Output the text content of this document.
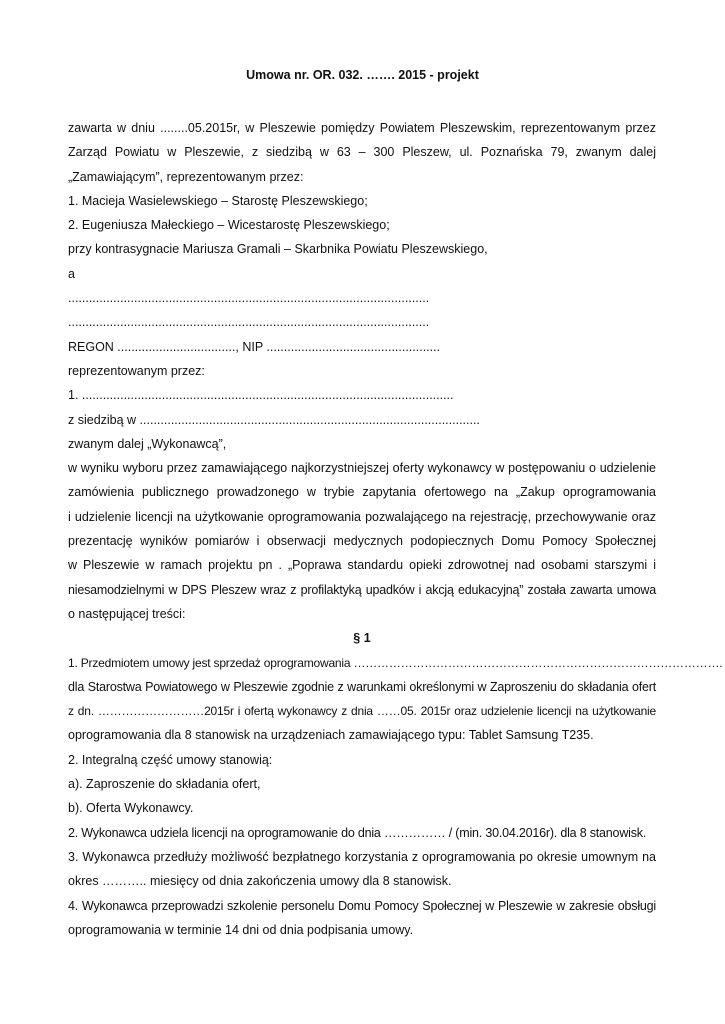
Umowa nr. OR. 032. ……. 2015 - projekt

zawarta w dniu ........05.2015r, w Pleszewie pomiędzy Powiatem Pleszewskim, reprezentowanym przez

Zarząd Powiatu w Pleszewie, z siedzibą w 63 – 300 Pleszew, ul. Poznańska 79, zwanym dalej

„Zamawiającym”, reprezentowanym przez:

1. Macieja Wasielewskiego – Starostę Pleszewskiego;

2. Eugeniusza Małeckiego – Wicestarostę Pleszewskiego;

przy kontrasygnacie Mariusza Gramali – Skarbnika Powiatu Pleszewskiego,

a

........................................................................................................

........................................................................................................

REGON .................................., NIP ..................................................

reprezentowanym przez:

1. ...........................................................................................................

z siedzibą w ..................................................................................................

zwanym dalej „Wykonawcą”,

w wyniku wyboru przez zamawiającego najkorzystniejszej oferty wykonawcy w postępowaniu o udzielenie

zamówienia publicznego prowadzonego w trybie zapytania ofertowego na „Zakup oprogramowania

i udzielenie licencji na użytkowanie oprogramowania pozwalającego na rejestrację, przechowywanie oraz

prezentację wyników pomiarów i obserwacji medycznych podopiecznych Domu Pomocy Społecznej

w Pleszewie w ramach projektu pn . „Poprawa standardu opieki zdrowotnej nad osobami starszymi i

niesamodzielnymi w DPS Pleszew wraz z profilaktyką upadków i akcją edukacyjną” została zawarta umowa

o następującej treści:

§ 1

1. Przedmiotem umowy jest sprzedaż oprogramowania ………………………………………………………………………………….

dla Starostwa Powiatowego w Pleszewie zgodnie z warunkami określonymi w Zaproszeniu do składania ofert

z dn. ………………………2015r i ofertą wykonawcy z dnia ……05. 2015r oraz udzielenie licencji na użytkowanie

oprogramowania dla 8 stanowisk na urządzeniach zamawiającego typu: Tablet Samsung T235.

2. Integralną część umowy stanowią:

a). Zaproszenie do składania ofert,

b). Oferta Wykonawcy.

2. Wykonawca udziela licencji na oprogramowanie do dnia …………… / (min. 30.04.2016r). dla 8 stanowisk.

3. Wykonawca przedłuży możliwość bezpłatnego korzystania z oprogramowania po okresie umownym na

okres ……….. miesięcy od dnia zakończenia umowy dla 8 stanowisk.

4. Wykonawca przeprowadzi szkolenie personelu Domu Pomocy Społecznej w Pleszewie w zakresie obsługi

oprogramowania w terminie 14 dni od dnia podpisania umowy.
